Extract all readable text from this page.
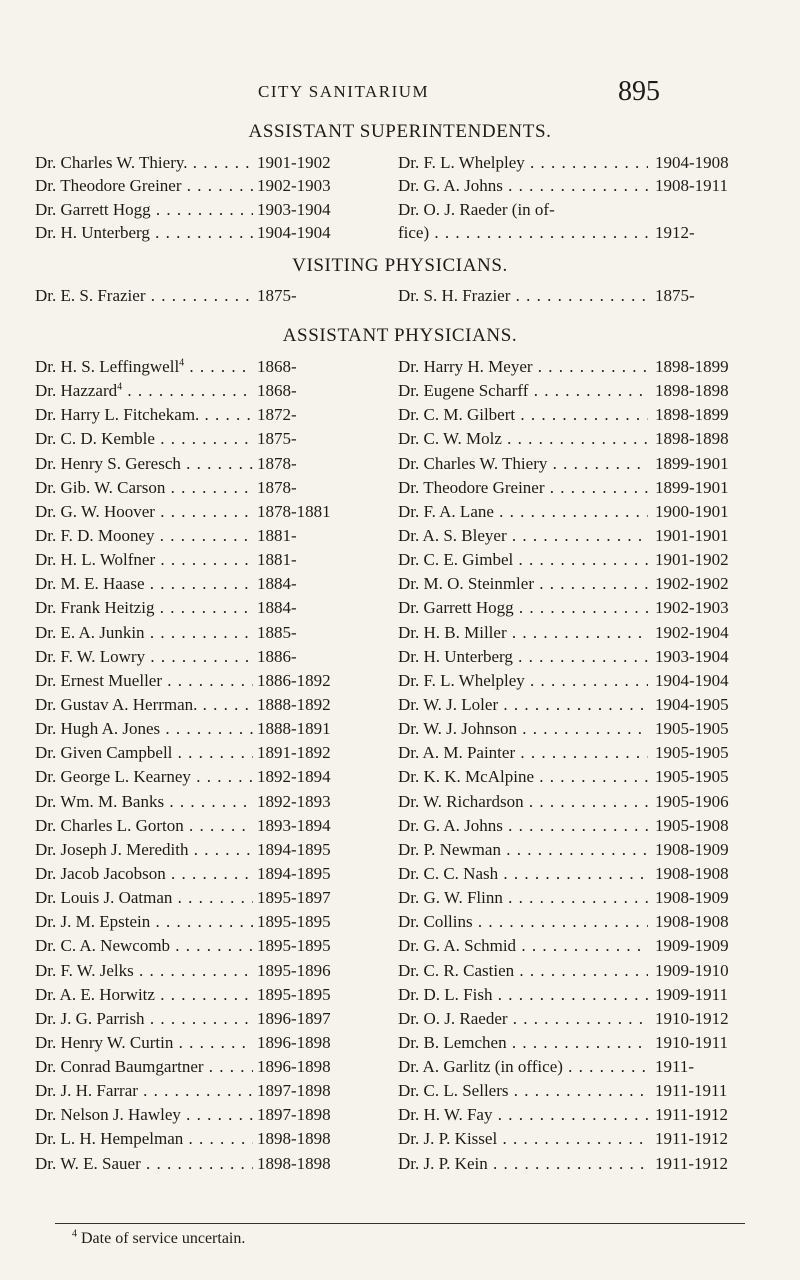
CITY SANITARIUM	895
ASSISTANT SUPERINTENDENTS.
Dr. Charles W. Thiery. . . .	1901-1902
Dr. Theodore Greiner . . .	1902-1903
Dr. Garrett Hogg . . .	1903-1904
Dr. H. Unterberg . . .	1904-1904
Dr. F. L. Whelpley . . .	1904-1908
Dr. G. A. Johns . . .	1908-1911
Dr. O. J. Raeder (in of-
fice) . . .	1912-
VISITING PHYSICIANS.
Dr. E. S. Frazier . . .	1875-	Dr. S. H. Frazier . . .	1875-
ASSISTANT PHYSICIANS.
Dr. H. S. Leffingwell$^4$ . . .	1868-
Dr. Hazzard$^4$ . . .	1868-
Dr. Harry L. Fitchekam. . . .	1872-
Dr. C. D. Kemble . . .	1875-
Dr. Henry S. Geresch . . .	1878-
Dr. Gib. W. Carson . . .	1878-
Dr. G. W. Hoover . . .	1878-1881
Dr. F. D. Mooney . . .	1881-
Dr. H. L. Wolfner . . .	1881-
Dr. M. E. Haase . . .	1884-
Dr. Frank Heitzig . . .	1884-
Dr. E. A. Junkin . . .	1885-
Dr. F. W. Lowry . . .	1886-
Dr. Ernest Mueller . . .	1886-1892
Dr. Gustav A. Herrman. . . .	1888-1892
Dr. Hugh A. Jones . . .	1888-1891
Dr. Given Campbell . . .	1891-1892
Dr. George L. Kearney . . .	1892-1894
Dr. Wm. M. Banks . . .	1892-1893
Dr. Charles L. Gorton . . .	1893-1894
Dr. Joseph J. Meredith . . .	1894-1895
Dr. Jacob Jacobson . . .	1894-1895
Dr. Louis J. Oatman . . .	1895-1897
Dr. J. M. Epstein . . .	1895-1895
Dr. C. A. Newcomb . . .	1895-1895
Dr. F. W. Jelks . . .	1895-1896
Dr. A. E. Horwitz . . .	1895-1895
Dr. J. G. Parrish . . .	1896-1897
Dr. Henry W. Curtin . . .	1896-1898
Dr. Conrad Baumgartner . . .	1896-1898
Dr. J. H. Farrar . . .	1897-1898
Dr. Nelson J. Hawley . . .	1897-1898
Dr. L. H. Hempelman . . .	1898-1898
Dr. W. E. Sauer . . .	1898-1898
Dr. Harry H. Meyer . . .	1898-1899
Dr. Eugene Scharff . . .	1898-1898
Dr. C. M. Gilbert . . .	1898-1899
Dr. C. W. Molz . . .	1898-1898
Dr. Charles W. Thiery . . .	1899-1901
Dr. Theodore Greiner . . .	1899-1901
Dr. F. A. Lane . . .	1900-1901
Dr. A. S. Bleyer . . .	1901-1901
Dr. C. E. Gimbel . . .	1901-1902
Dr. M. O. Steinmler . . .	1902-1902
Dr. Garrett Hogg . . .	1902-1903
Dr. H. B. Miller . . .	1902-1904
Dr. H. Unterberg . . .	1903-1904
Dr. F. L. Whelpley . . .	1904-1904
Dr. W. J. Loler . . .	1904-1905
Dr. W. J. Johnson . . .	1905-1905
Dr. A. M. Painter . . .	1905-1905
Dr. K. K. McAlpine . . .	1905-1905
Dr. W. Richardson . . .	1905-1906
Dr. G. A. Johns . . .	1905-1908
Dr. P. Newman . . .	1908-1909
Dr. C. C. Nash . . .	1908-1908
Dr. G. W. Flinn . . .	1908-1909
Dr. Collins . . .	1908-1908
Dr. G. A. Schmid . . .	1909-1909
Dr. C. R. Castien . . .	1909-1910
Dr. D. L. Fish . . .	1909-1911
Dr. O. J. Raeder . . .	1910-1912
Dr. B. Lemchen . . .	1910-1911
Dr. A. Garlitz (in office) . . .	1911-
Dr. C. L. Sellers . . .	1911-1911
Dr. H. W. Fay . . .	1911-1912
Dr. J. P. Kissel . . .	1911-1912
Dr. J. P. Kein . . .	1911-1912
$^4$ Date of service uncertain.
